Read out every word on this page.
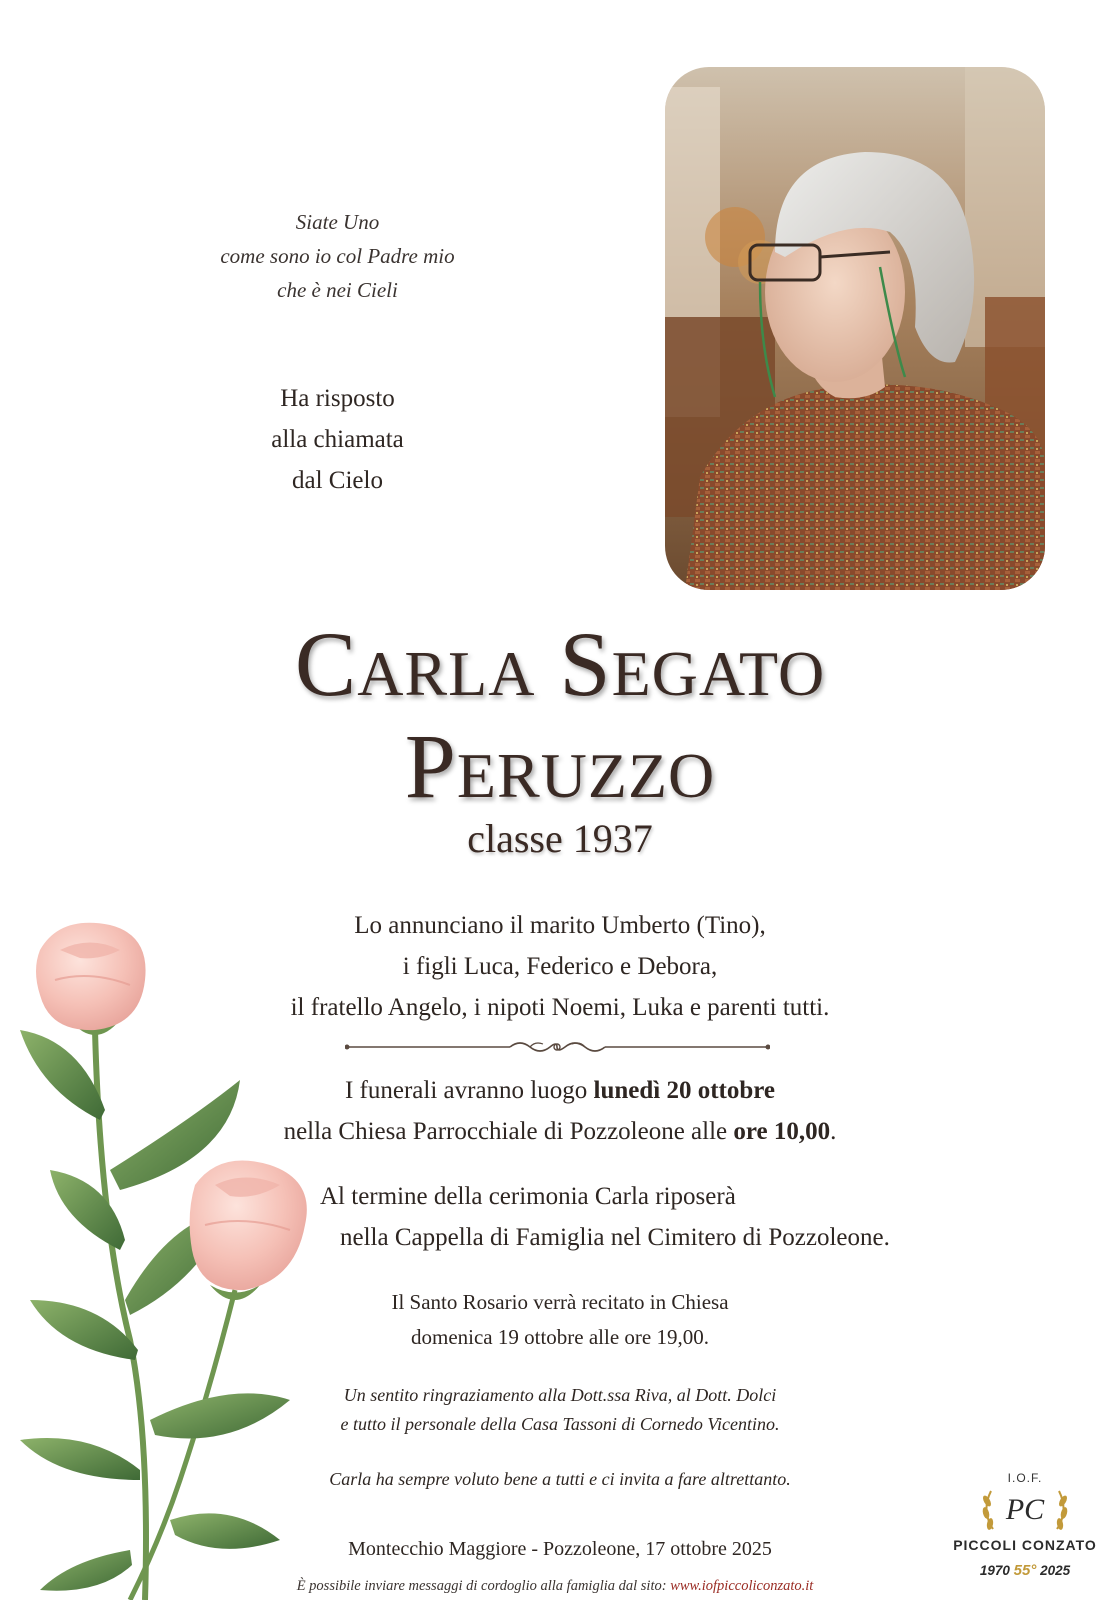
Siate Uno
come sono io col Padre mio
che è nei Cieli
Ha risposto
alla chiamata
dal Cielo
Carla Segato
Peruzzo
classe 1937
Lo annunciano il marito Umberto (Tino),
i figli Luca, Federico e Debora,
il fratello Angelo, i nipoti Noemi, Luka e parenti tutti.
I funerali avranno luogo lunedì 20 ottobre
nella Chiesa Parrocchiale di Pozzoleone alle ore 10,00.
Al termine della cerimonia Carla riposerà
nella Cappella di Famiglia nel Cimitero di Pozzoleone.
Il Santo Rosario verrà recitato in Chiesa
domenica 19 ottobre alle ore 19,00.
Un sentito ringraziamento alla Dott.ssa Riva, al Dott. Dolci
e tutto il personale della Casa Tassoni di Cornedo Vicentino.
Carla ha sempre voluto bene a tutti e ci invita a fare altrettanto.
Montecchio Maggiore - Pozzoleone, 17 ottobre 2025
È possibile inviare messaggi di cordoglio alla famiglia dal sito: www.iofpiccoliconzato.it
I.O.F.
PC
PICCOLI CONZATO
1970 55° 2025
